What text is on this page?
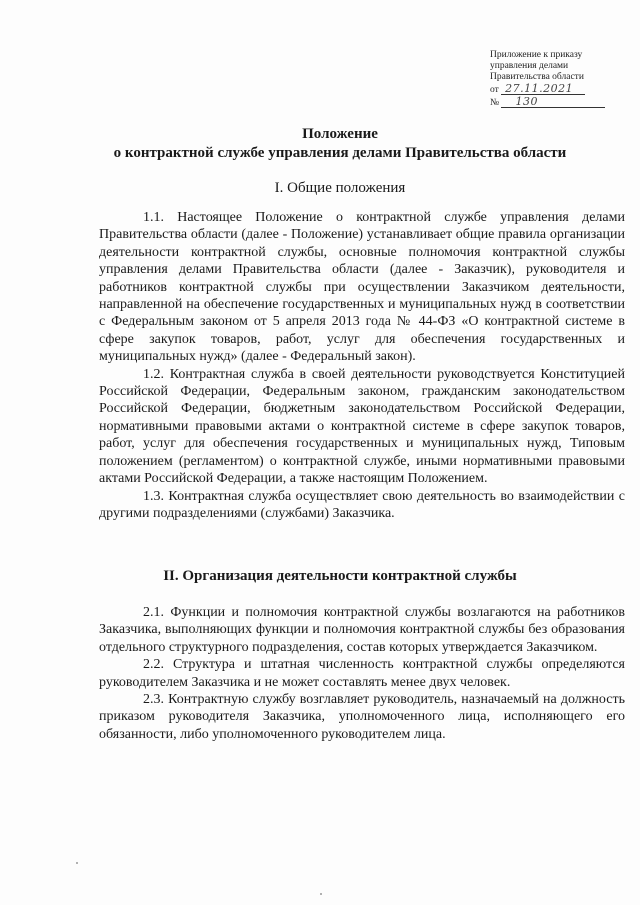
Приложение к приказу
управления делами
Правительства области
от 27.11.2021
№ 130
Положение
о контрактной службе управления делами Правительства области
I. Общие положения

1.1. Настоящее Положение о контрактной службе управления делами Правительства области (далее - Положение) устанавливает общие правила организации деятельности контрактной службы, основные полномочия контрактной службы управления делами Правительства области (далее - Заказчик), руководителя и работников контрактной службы при осуществлении Заказчиком деятельности, направленной на обеспечение государственных и муниципальных нужд в соответствии с Федеральным законом от 5 апреля 2013 года № 44-ФЗ «О контрактной системе в сфере закупок товаров, работ, услуг для обеспечения государственных и муниципальных нужд» (далее - Федеральный закон).

1.2. Контрактная служба в своей деятельности руководствуется Конституцией Российской Федерации, Федеральным законом, гражданским законодательством Российской Федерации, бюджетным законодательством Российской Федерации, нормативными правовыми актами о контрактной системе в сфере закупок товаров, работ, услуг для обеспечения государственных и муниципальных нужд, Типовым положением (регламентом) о контрактной службе, иными нормативными правовыми актами Российской Федерации, а также настоящим Положением.

1.3. Контрактная служба осуществляет свою деятельность во взаимодействии с другими подразделениями (службами) Заказчика.

II. Организация деятельности контрактной службы

2.1. Функции и полномочия контрактной службы возлагаются на работников Заказчика, выполняющих функции и полномочия контрактной службы без образования отдельного структурного подразделения, состав которых утверждается Заказчиком.

2.2. Структура и штатная численность контрактной службы определяются руководителем Заказчика и не может составлять менее двух человек.

2.3. Контрактную службу возглавляет руководитель, назначаемый на должность приказом руководителя Заказчика, уполномоченного лица, исполняющего его обязанности, либо уполномоченного руководителем лица.
